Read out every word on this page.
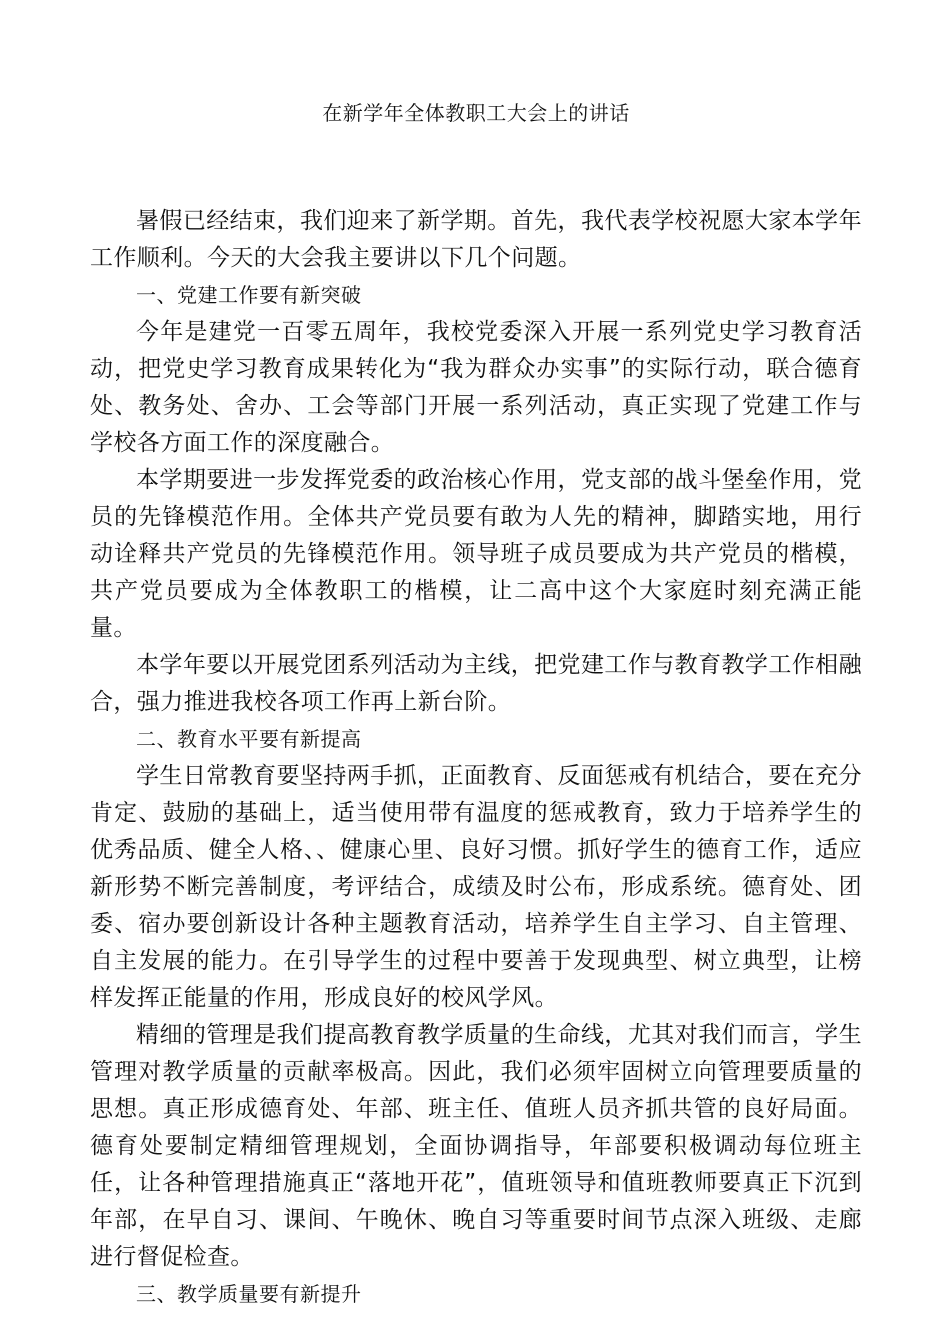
在新学年全体教职工大会上的讲话

暑假已经结束，我们迎来了新学期。首先，我代表学校祝愿大家本学年工作顺利。今天的大会我主要讲以下几个问题。

一、党建工作要有新突破

今年是建党一百零五周年，我校党委深入开展一系列党史学习教育活动，把党史学习教育成果转化为“我为群众办实事”的实际行动，联合德育处、教务处、舍办、工会等部门开展一系列活动，真正实现了党建工作与学校各方面工作的深度融合。

本学期要进一步发挥党委的政治核心作用，党支部的战斗堡垒作用，党员的先锋模范作用。全体共产党员要有敢为人先的精神，脚踏实地，用行动诠释共产党员的先锋模范作用。领导班子成员要成为共产党员的楷模，共产党员要成为全体教职工的楷模，让二高中这个大家庭时刻充满正能量。

本学年要以开展党团系列活动为主线，把党建工作与教育教学工作相融合，强力推进我校各项工作再上新台阶。

二、教育水平要有新提高

学生日常教育要坚持两手抓，正面教育、反面惩戒有机结合，要在充分肯定、鼓励的基础上，适当使用带有温度的惩戒教育，致力于培养学生的优秀品质、健全人格、、健康心里、良好习惯。抓好学生的德育工作，适应新形势不断完善制度，考评结合，成绩及时公布，形成系统。德育处、团委、宿办要创新设计各种主题教育活动，培养学生自主学习、自主管理、自主发展的能力。在引导学生的过程中要善于发现典型、树立典型，让榜样发挥正能量的作用，形成良好的校风学风。

精细的管理是我们提高教育教学质量的生命线，尤其对我们而言，学生管理对教学质量的贡献率极高。因此，我们必须牢固树立向管理要质量的思想。真正形成德育处、年部、班主任、值班人员齐抓共管的良好局面。德育处要制定精细管理规划，全面协调指导，年部要积极调动每位班主任，让各种管理措施真正“落地开花”，值班领导和值班教师要真正下沉到年部，在早自习、课间、午晚休、晚自习等重要时间节点深入班级、走廊进行督促检查。

三、教学质量要有新提升
